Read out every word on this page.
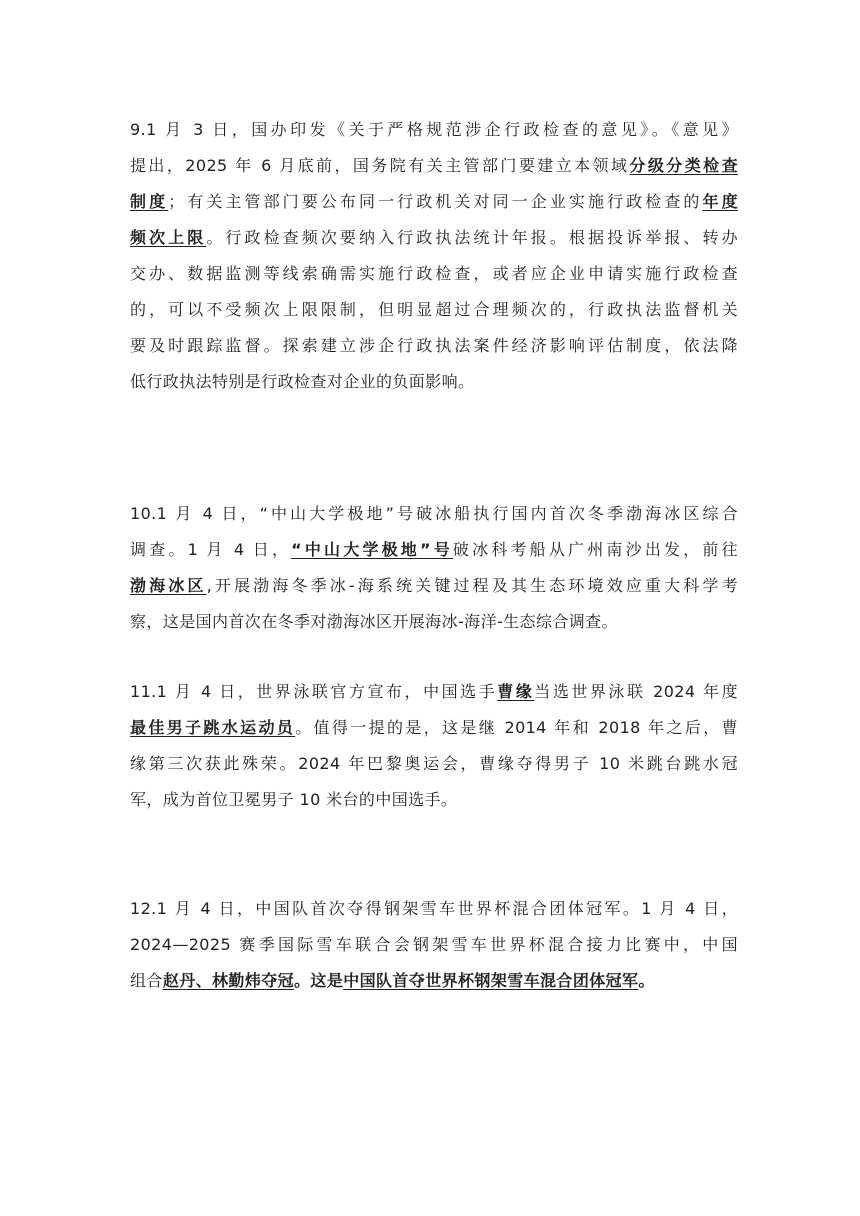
9.1 月 3 日，国办印发《关于严格规范涉企行政检查的意见》。《意见》
提出，2025 年 6 月底前，国务院有关主管部门要建立本领域分级分类检查
制度；有关主管部门要公布同一行政机关对同一企业实施行政检查的年度
频次上限。行政检查频次要纳入行政执法统计年报。根据投诉举报、转办
交办、数据监测等线索确需实施行政检查，或者应企业申请实施行政检查
的，可以不受频次上限限制，但明显超过合理频次的，行政执法监督机关
要及时跟踪监督。探索建立涉企行政执法案件经济影响评估制度，依法降
低行政执法特别是行政检查对企业的负面影响。
10.1 月 4 日，“中山大学极地”号破冰船执行国内首次冬季渤海冰区综合
调查。1 月 4 日，“中山大学极地”号破冰科考船从广州南沙出发，前往
渤海冰区,开展渤海冬季冰-海系统关键过程及其生态环境效应重大科学考
察，这是国内首次在冬季对渤海冰区开展海冰-海洋-生态综合调查。
11.1 月 4 日，世界泳联官方宣布，中国选手曹缘当选世界泳联 2024 年度
最佳男子跳水运动员。值得一提的是，这是继 2014 年和 2018 年之后，曹
缘第三次获此殊荣。2024 年巴黎奥运会，曹缘夺得男子 10 米跳台跳水冠
军，成为首位卫冕男子 10 米台的中国选手。
12.1 月 4 日，中国队首次夺得钢架雪车世界杯混合团体冠军。1 月 4 日，
2024—2025 赛季国际雪车联合会钢架雪车世界杯混合接力比赛中，中国
组合赵丹、林勤炜夺冠。这是中国队首夺世界杯钢架雪车混合团体冠军。
